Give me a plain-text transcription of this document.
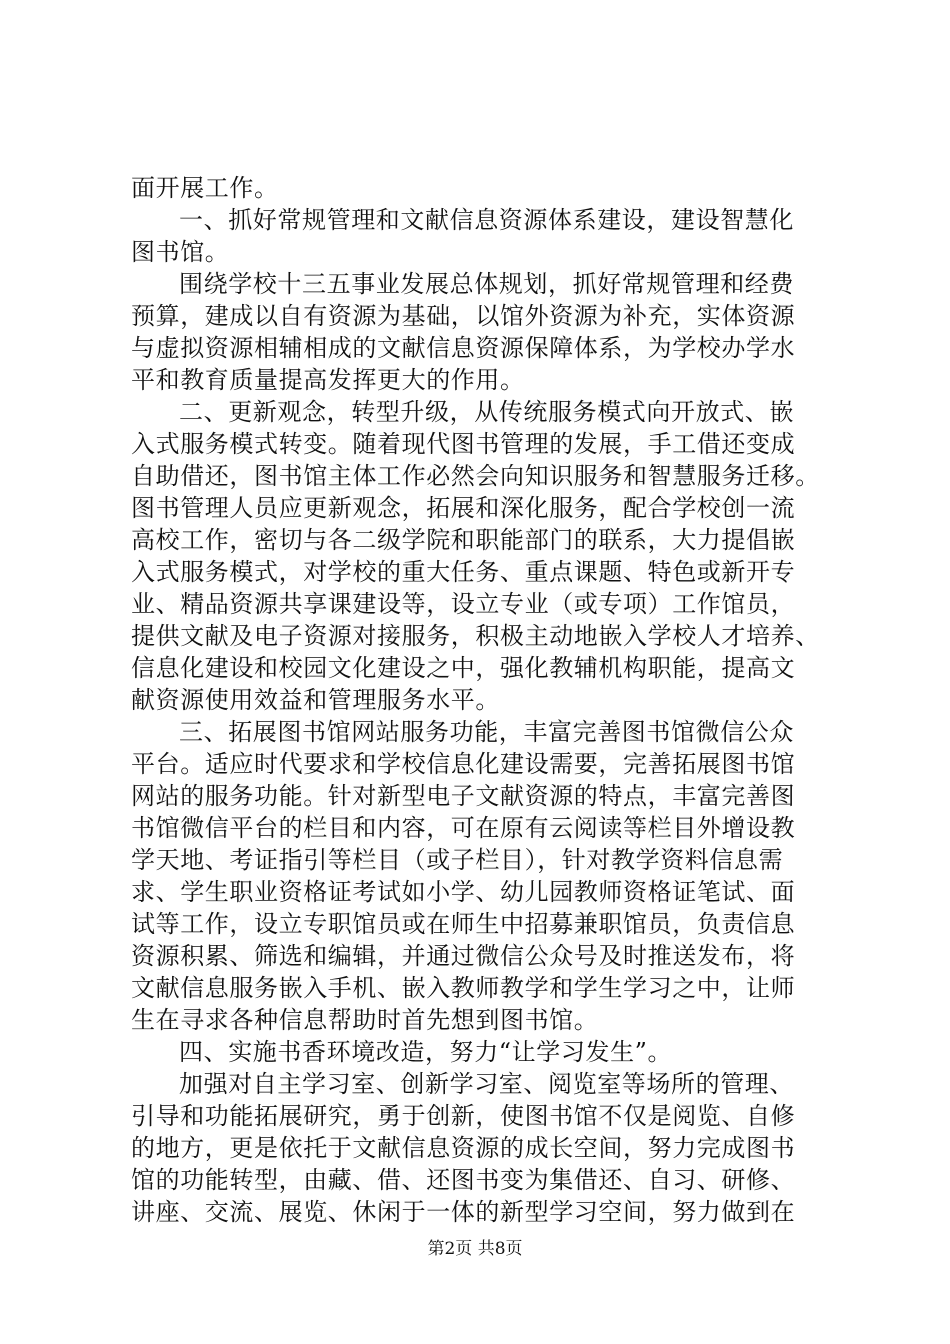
面开展工作。
一、抓好常规管理和文献信息资源体系建设，建设智慧化
图书馆。
围绕学校十三五事业发展总体规划，抓好常规管理和经费
预算，建成以自有资源为基础，以馆外资源为补充，实体资源
与虚拟资源相辅相成的文献信息资源保障体系，为学校办学水
平和教育质量提高发挥更大的作用。
二、更新观念，转型升级，从传统服务模式向开放式、嵌
入式服务模式转变。随着现代图书管理的发展，手工借还变成
自助借还，图书馆主体工作必然会向知识服务和智慧服务迁移。
图书管理人员应更新观念，拓展和深化服务，配合学校创一流
高校工作，密切与各二级学院和职能部门的联系，大力提倡嵌
入式服务模式，对学校的重大任务、重点课题、特色或新开专
业、精品资源共享课建设等，设立专业（或专项）工作馆员，
提供文献及电子资源对接服务，积极主动地嵌入学校人才培养、
信息化建设和校园文化建设之中，强化教辅机构职能，提高文
献资源使用效益和管理服务水平。
三、拓展图书馆网站服务功能，丰富完善图书馆微信公众
平台。适应时代要求和学校信息化建设需要，完善拓展图书馆
网站的服务功能。针对新型电子文献资源的特点，丰富完善图
书馆微信平台的栏目和内容，可在原有云阅读等栏目外增设教
学天地、考证指引等栏目（或子栏目），针对教学资料信息需
求、学生职业资格证考试如小学、幼儿园教师资格证笔试、面
试等工作，设立专职馆员或在师生中招募兼职馆员，负责信息
资源积累、筛选和编辑，并通过微信公众号及时推送发布，将
文献信息服务嵌入手机、嵌入教师教学和学生学习之中，让师
生在寻求各种信息帮助时首先想到图书馆。
四、实施书香环境改造，努力“让学习发生”。
加强对自主学习室、创新学习室、阅览室等场所的管理、
引导和功能拓展研究，勇于创新，使图书馆不仅是阅览、自修
的地方，更是依托于文献信息资源的成长空间，努力完成图书
馆的功能转型，由藏、借、还图书变为集借还、自习、研修、
讲座、交流、展览、休闲于一体的新型学习空间，努力做到在
第2页 共8页
